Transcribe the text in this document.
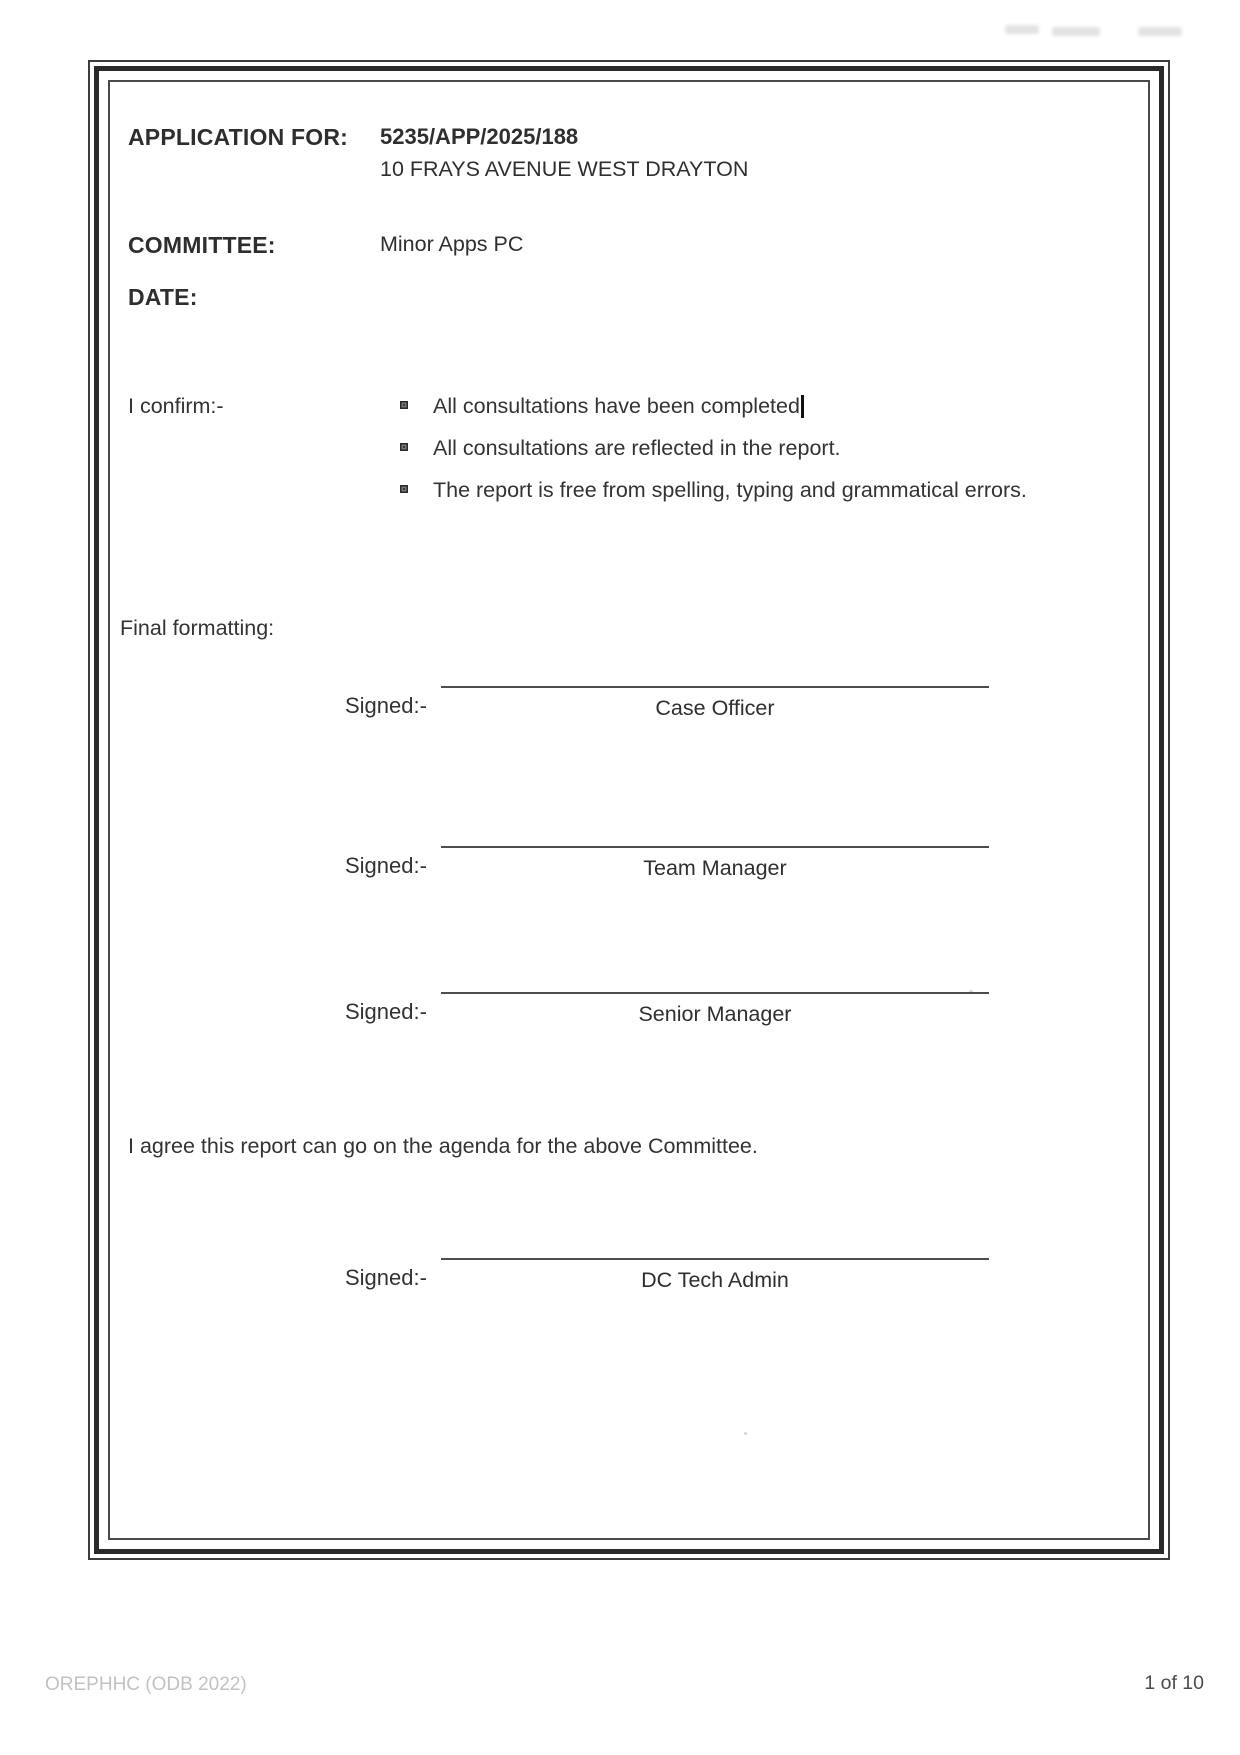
APPLICATION FOR:	5235/APP/2025/188
10 FRAYS AVENUE WEST DRAYTON
COMMITTEE:	Minor Apps PC
DATE:
I confirm:-	All consultations have been completed
All consultations are reflected in the report.
The report is free from spelling, typing and grammatical errors.
Final formatting:
Signed:-	Case Officer
Signed:-	Team Manager
Signed:-	Senior Manager
I agree this report can go on the agenda for the above Committee.
Signed:-	DC Tech Admin
OREPHHC (ODB 2022)	1 of 10
